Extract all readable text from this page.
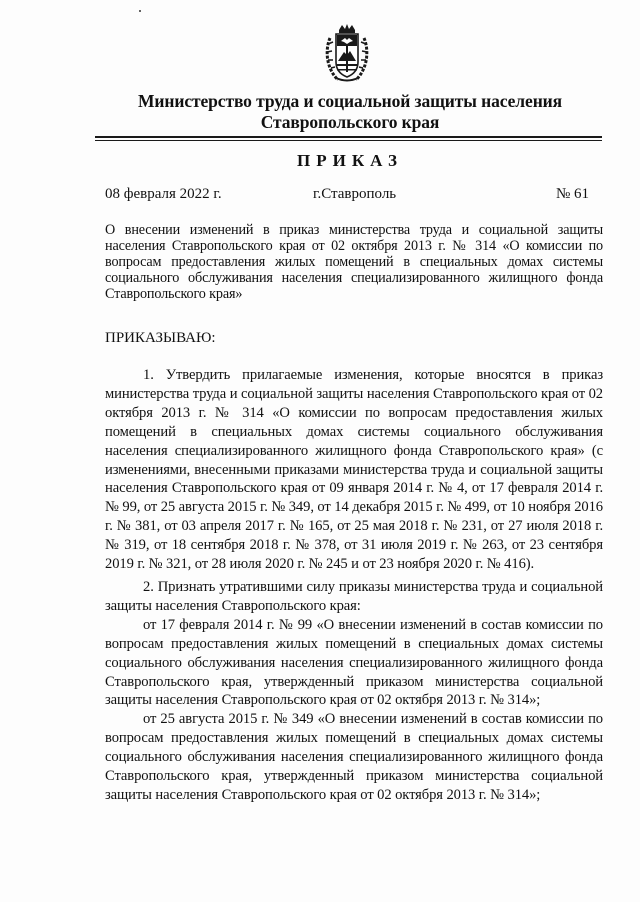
Министерство труда и социальной защиты населения
Ставропольского края
ПРИКАЗ
08 февраля 2022 г.	г.Ставрополь	№ 61
О внесении изменений в приказ министерства труда и социальной защиты населения Ставропольского края от 02 октября 2013 г. № 314 «О комиссии по вопросам предоставления жилых помещений в специальных домах системы социального обслуживания населения специализированного жилищного фонда Ставропольского края»
ПРИКАЗЫВАЮ:
1. Утвердить прилагаемые изменения, которые вносятся в приказ министерства труда и социальной защиты населения Ставропольского края от 02 октября 2013 г. № 314 «О комиссии по вопросам предоставления жилых помещений в специальных домах системы социального обслуживания населения специализированного жилищного фонда Ставропольского края» (с изменениями, внесенными приказами министерства труда и социальной защиты населения Ставропольского края от 09 января 2014 г. № 4, от 17 февраля 2014 г. № 99, от 25 августа 2015 г. № 349, от 14 декабря 2015 г. № 499, от 10 ноября 2016 г. № 381, от 03 апреля 2017 г. № 165, от 25 мая 2018 г. № 231, от 27 июля 2018 г. № 319, от 18 сентября 2018 г. № 378, от 31 июля 2019 г. № 263, от 23 сентября 2019 г. № 321, от 28 июля 2020 г. № 245 и от 23 ноября 2020 г. № 416).
2. Признать утратившими силу приказы министерства труда и социальной защиты населения Ставропольского края:
от 17 февраля 2014 г. № 99 «О внесении изменений в состав комиссии по вопросам предоставления жилых помещений в специальных домах системы социального обслуживания населения специализированного жилищного фонда Ставропольского края, утвержденный приказом министерства социальной защиты населения Ставропольского края от 02 октября 2013 г. № 314»;
от 25 августа 2015 г. № 349 «О внесении изменений в состав комиссии по вопросам предоставления жилых помещений в специальных домах системы социального обслуживания населения специализированного жилищного фонда Ставропольского края, утвержденный приказом министерства социальной защиты населения Ставропольского края от 02 октября 2013 г. № 314»;
